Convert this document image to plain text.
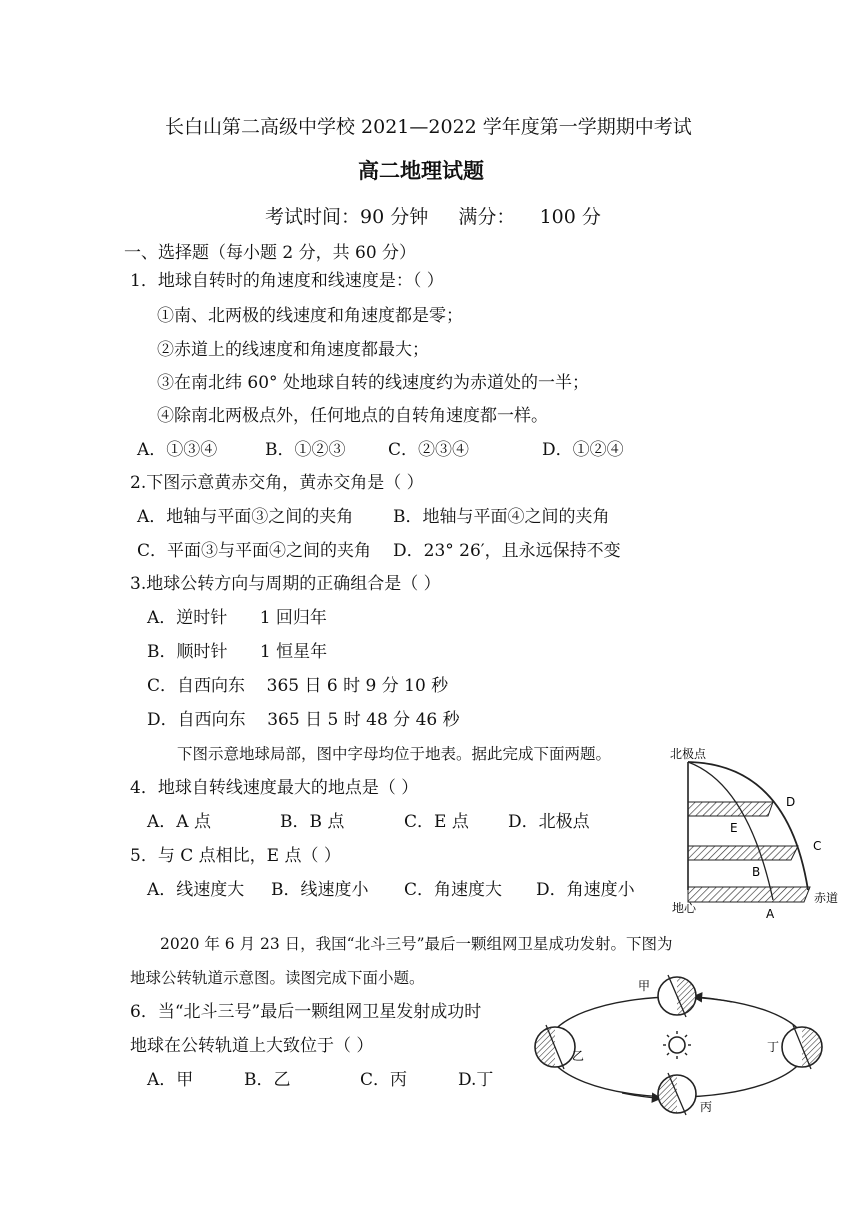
长白山第二高级中学校 2021—2022 学年度第一学期期中考试
高二地理试题
考试时间：90 分钟     满分：    100 分
一、选择题（每小题 2 分，共 60 分）
1．地球自转时的角速度和线速度是：（ ）
①南、北两极的线速度和角速度都是零；
②赤道上的线速度和角速度都最大；
③在南北纬 60° 处地球自转的线速度约为赤道处的一半；
④除南北两极点外，任何地点的自转角速度都一样。
A．①③④	B．①②③	C．②③④	D．①②④
2.下图示意黄赤交角，黄赤交角是（ ）
A．地轴与平面③之间的夹角 B．地轴与平面④之间的夹角
C．平面③与平面④之间的夹角 D．23° 26′，且永远保持不变
3.地球公转方向与周期的正确组合是（ ）
A．逆时针      1 回归年
B．顺时针      1 恒星年
C．自西向东    365 日 6 时 9 分 10 秒
D．自西向东    365 日 5 时 48 分 46 秒
下图示意地球局部，图中字母均位于地表。据此完成下面两题。
4．地球自转线速度最大的地点是（ ）
A．A 点	B．B 点	C．E 点 D．北极点
5．与 C 点相比，E 点（ ）
A．线速度大 B．线速度小 C．角速度大 D．角速度小
北极点
地心
赤道
D
E
C
B
A
2020 年 6 月 23 日，我国“北斗三号”最后一颗组网卫星成功发射。下图为
地球公转轨道示意图。读图完成下面小题。
6．当“北斗三号”最后一颗组网卫星发射成功时
地球在公转轨道上大致位于（ ）
A．甲	B．乙	C．丙	D.丁
甲
乙
丙
丁
